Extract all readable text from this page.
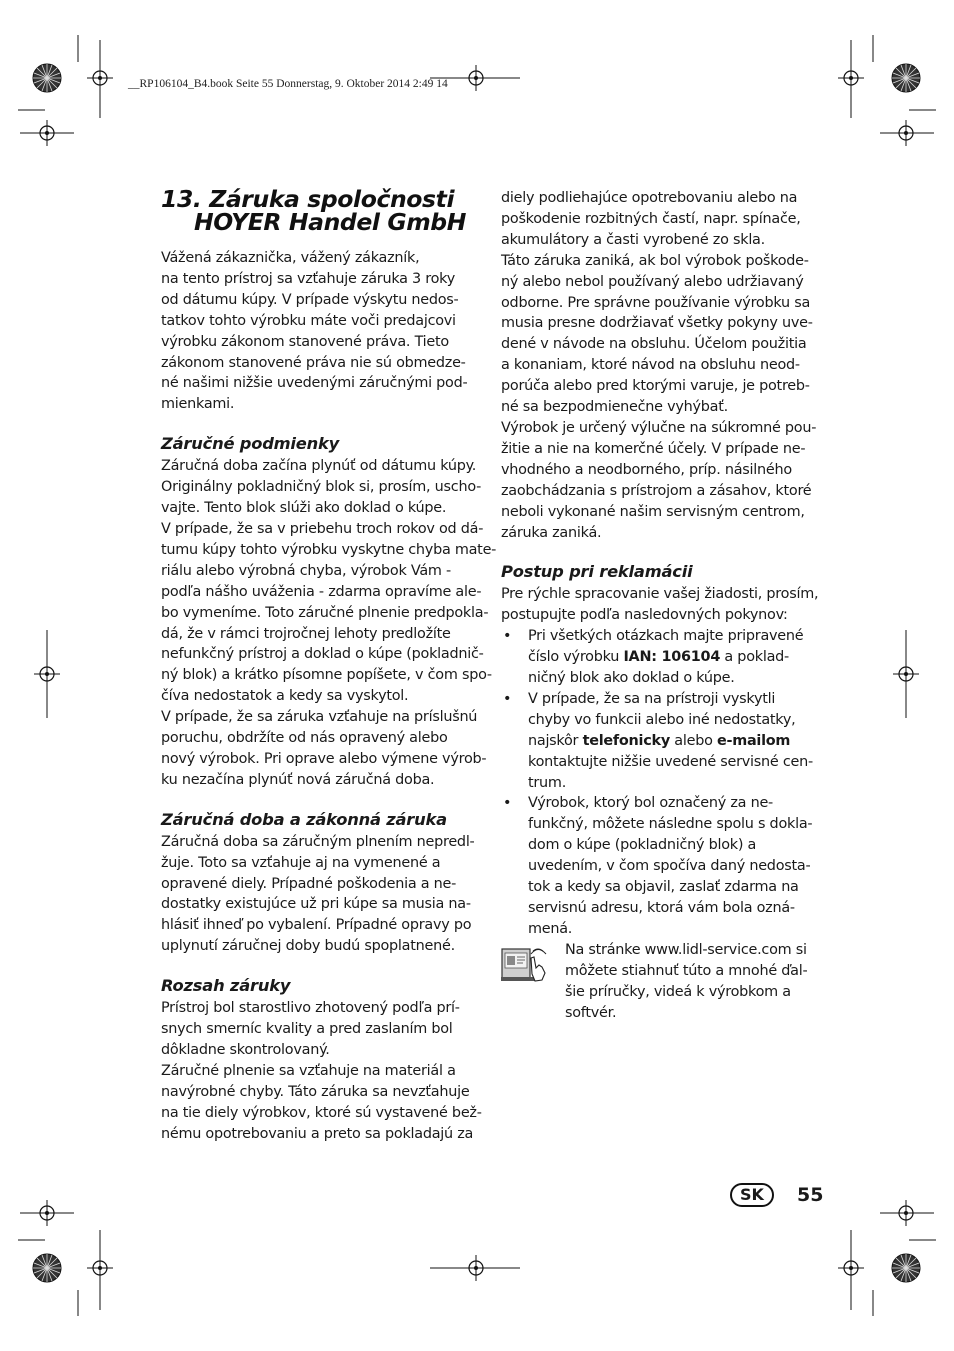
__RP106104_B4.book Seite 55 Donnerstag, 9. Oktober 2014 2:49 14
13. Záruka spoločnosti
HOYER Handel GmbH

Vážená zákaznička, vážený zákazník,
na tento prístroj sa vzťahuje záruka 3 roky
od dátumu kúpy. V prípade výskytu nedos-
tatkov tohto výrobku máte voči predajcovi
výrobku zákonom stanovené práva. Tieto
zákonom stanovené práva nie sú obmedze-
né našimi nižšie uvedenými záručnými pod-
mienkami.

Záručné podmienky

Záručná doba začína plynúť od dátumu kúpy.
Originálny pokladničný blok si, prosím, uscho-
vajte. Tento blok slúži ako doklad o kúpe.
V prípade, že sa v priebehu troch rokov od dá-
tumu kúpy tohto výrobku vyskytne chyba mate-
riálu alebo výrobná chyba, výrobok Vám -
podľa nášho uváženia - zdarma opravíme ale-
bo vymeníme. Toto záručné plnenie predpokla-
dá, že v rámci trojročnej lehoty predložíte
nefunkčný prístroj a doklad o kúpe (pokladnič-
ný blok) a krátko písomne popíšete, v čom spo-
číva nedostatok a kedy sa vyskytol.
V prípade, že sa záruka vzťahuje na príslušnú
poruchu, obdržíte od nás opravený alebo
nový výrobok. Pri oprave alebo výmene výrob-
ku nezačína plynúť nová záručná doba.

Záručná doba a zákonná záruka

Záručná doba sa záručným plnením nepredl-
žuje. Toto sa vzťahuje aj na vymenené a
opravené diely. Prípadné poškodenia a ne-
dostatky existujúce už pri kúpe sa musia na-
hlásiť ihneď po vybalení. Prípadné opravy po
uplynutí záručnej doby budú spoplatnené.

Rozsah záruky

Prístroj bol starostlivo zhotovený podľa prí-
snych smerníc kvality a pred zaslaním bol
dôkladne skontrolovaný.
Záručné plnenie sa vzťahuje na materiál a
navýrobné chyby. Táto záruka sa nevzťahuje
na tie diely výrobkov, ktoré sú vystavené bež-
nému opotrebovaniu a preto sa pokladajú za

diely podliehajúce opotrebovaniu alebo na
poškodenie rozbitných častí, napr. spínače,
akumulátory a časti vyrobené zo skla.
Táto záruka zaniká, ak bol výrobok poškode-
ný alebo nebol používaný alebo udržiavaný
odborne. Pre správne používanie výrobku sa
musia presne dodržiavať všetky pokyny uve-
dené v návode na obsluhu. Účelom použitia
a konaniam, ktoré návod na obsluhu neod-
porúča alebo pred ktorými varuje, je potreb-
né sa bezpodmienečne vyhýbať.
Výrobok je určený výlučne na súkromné pou-
žitie a nie na komerčné účely. V prípade ne-
vhodného a neodborného, príp. násilného
zaobchádzania s prístrojom a zásahov, ktoré
neboli vykonané našim servisným centrom,
záruka zaniká.

Postup pri reklamácii

Pre rýchle spracovanie vašej žiadosti, prosím,
postupujte podľa nasledovných pokynov:

• Pri všetkých otázkach majte pripravené
číslo výrobku IAN: 106104 a poklad-
ničný blok ako doklad o kúpe.
• V prípade, že sa na prístroji vyskytli
chyby vo funkcii alebo iné nedostatky,
najskôr telefonicky alebo e-mailom
kontaktujte nižšie uvedené servisné cen-
trum.
• Výrobok, ktorý bol označený za ne-
funkčný, môžete následne spolu s dokla-
dom o kúpe (pokladničný blok) a
uvedením, v čom spočíva daný nedosta-
tok a kedy sa objavil, zaslať zdarma na
servisnú adresu, ktorá vám bola ozná-
mená.

Na stránke www.lidl-service.com si
môžete stiahnuť túto a mnohé ďal-
šie príručky, videá k výrobkom a
softvér.

SK	55
